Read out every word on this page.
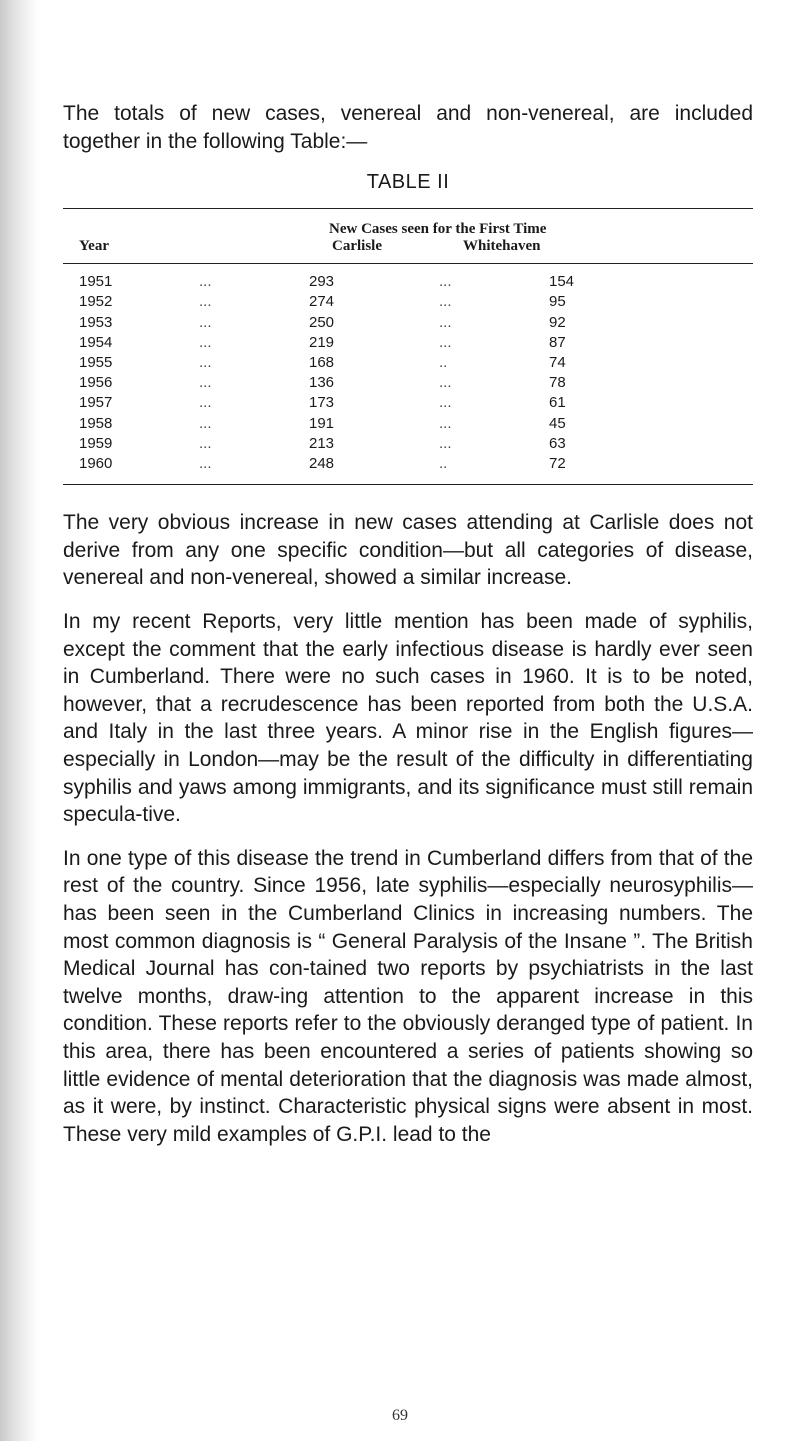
The totals of new cases, venereal and non-venereal, are included together in the following Table:—

TABLE II

Year	New Cases seen for the First Time			
	Carlisle		Whitehaven	
1951	...	293	...	154
1952	...	274	...	95
1953	...	250	...	92
1954	...	219	...	87
1955	...	168	..	74
1956	...	136	...	78
1957	...	173	...	61
1958	...	191	...	45
1959	...	213	...	63
1960	...	248	..	72

The very obvious increase in new cases attending at Carlisle does not derive from any one specific condition—but all categories of disease, venereal and non-venereal, showed a similar increase.

In my recent Reports, very little mention has been made of syphilis, except the comment that the early infectious disease is hardly ever seen in Cumberland. There were no such cases in 1960. It is to be noted, however, that a recrudescence has been reported from both the U.S.A. and Italy in the last three years. A minor rise in the English figures—especially in London—may be the result of the difficulty in differentiating syphilis and yaws among immigrants, and its significance must still remain specula-tive.

In one type of this disease the trend in Cumberland differs from that of the rest of the country. Since 1956, late syphilis—especially neurosyphilis—has been seen in the Cumberland Clinics in increasing numbers. The most common diagnosis is “ General Paralysis of the Insane ”. The British Medical Journal has con-tained two reports by psychiatrists in the last twelve months, draw-ing attention to the apparent increase in this condition. These reports refer to the obviously deranged type of patient. In this area, there has been encountered a series of patients showing so little evidence of mental deterioration that the diagnosis was made almost, as it were, by instinct. Characteristic physical signs were absent in most. These very mild examples of G.P.I. lead to the

69
